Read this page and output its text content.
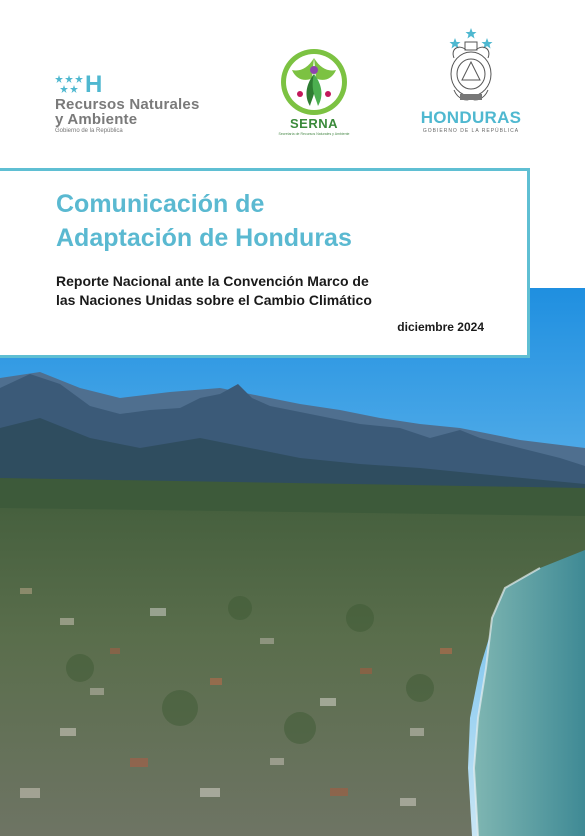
H
Recursos Naturales
y Ambiente
Gobierno de la República	SERNA
Secretaría de Recursos Naturales y Ambiente
HONDURAS
GOBIERNO DE LA REPÚBLICA
Comunicación de
Adaptación de Honduras
Reporte Nacional ante la Convención Marco de
las Naciones Unidas sobre el Cambio Climático
diciembre 2024
